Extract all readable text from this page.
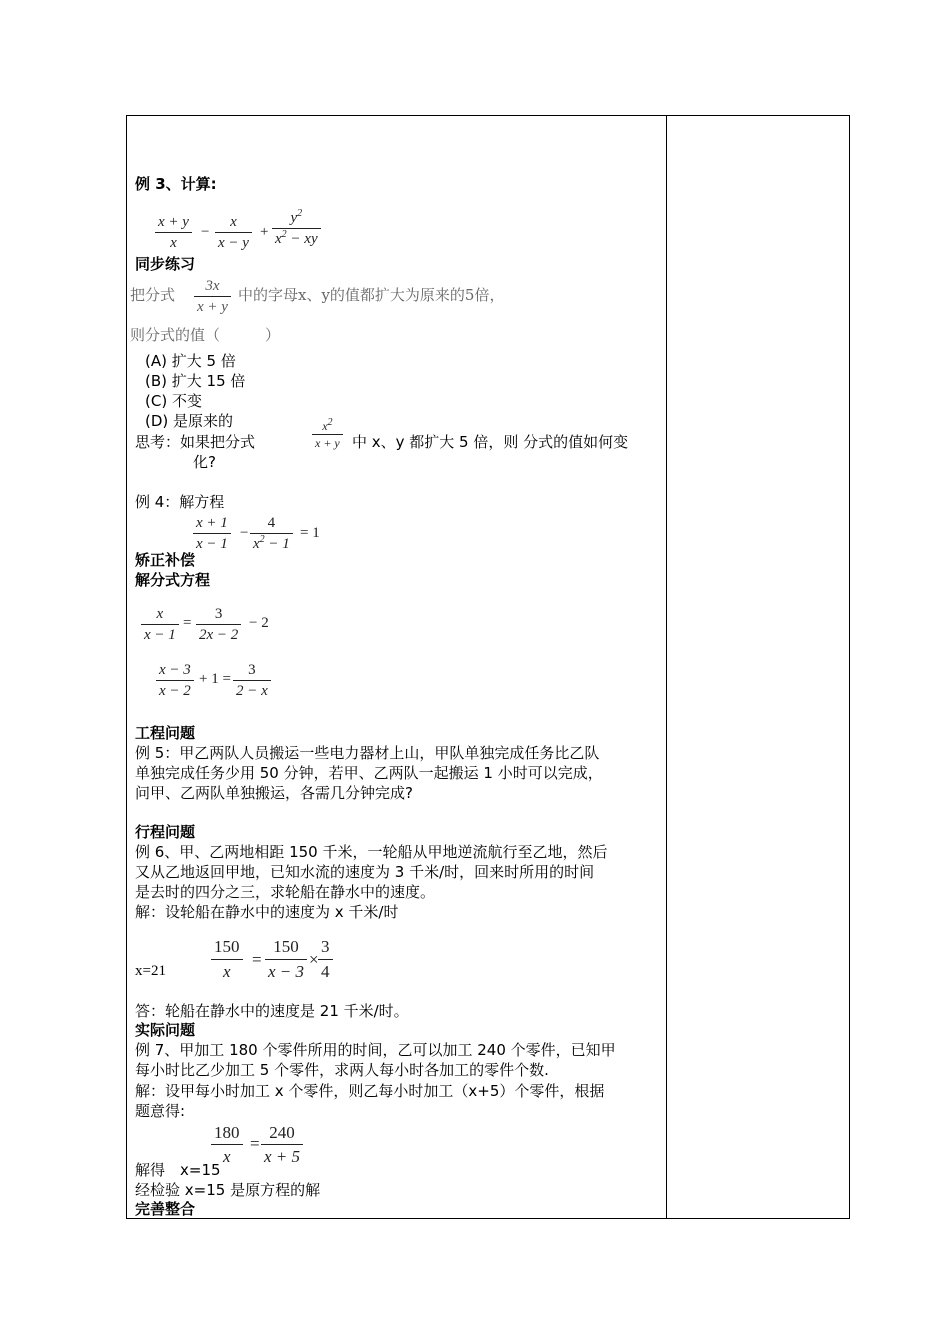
例 3、计算:
$\frac{x + y}{x} - \frac{x}{x - y} + \frac{y^2}{x^2 - xy}$
同步练习
把分式 $\frac{3x}{x + y}$ 中的字母x、y的值都扩大为原来的5倍，
则分式的值（　　　）
(A) 扩大 5 倍
(B) 扩大 15 倍
(C) 不变
(D) 是原来的
思考：如果把分式	$\frac{x^2}{x + y}$ 中 x、y 都扩大 5 倍，则 分式的值如何变
化?
例 4：解方程
$\frac{x + 1}{x - 1} - \frac{4}{x^2 - 1} = 1$
矫正补偿
解分式方程
$\frac{x}{x - 1} = \frac{3}{2x - 2} - 2$
$\frac{x - 3}{x - 2} + 1 = \frac{3}{2 - x}$
工程问题
例 5：甲乙两队人员搬运一些电力器材上山，甲队单独完成任务比乙队
单独完成任务少用 50 分钟，若甲、乙两队一起搬运 1 小时可以完成，
问甲、乙两队单独搬运，各需几分钟完成?
行程问题
例 6、甲、乙两地相距 150 千米，一轮船从甲地逆流航行至乙地，然后
又从乙地返回甲地，已知水流的速度为 3 千米/时，回来时所用的时间
是去时的四分之三，求轮船在静水中的速度。
解：设轮船在静水中的速度为 x 千米/时
x=21	$\frac{150}{x} = \frac{150}{x - 3} \times \frac{3}{4}$
答：轮船在静水中的速度是 21 千米/时。
实际问题
例 7、甲加工 180 个零件所用的时间，乙可以加工 240 个零件，已知甲
每小时比乙少加工 5 个零件，求两人每小时各加工的零件个数.
解：设甲每小时加工 x 个零件，则乙每小时加工（x+5）个零件，根据
题意得:
$\frac{180}{x} = \frac{240}{x + 5}$
解得　x=15
经检验 x=15 是原方程的解
完善整合
